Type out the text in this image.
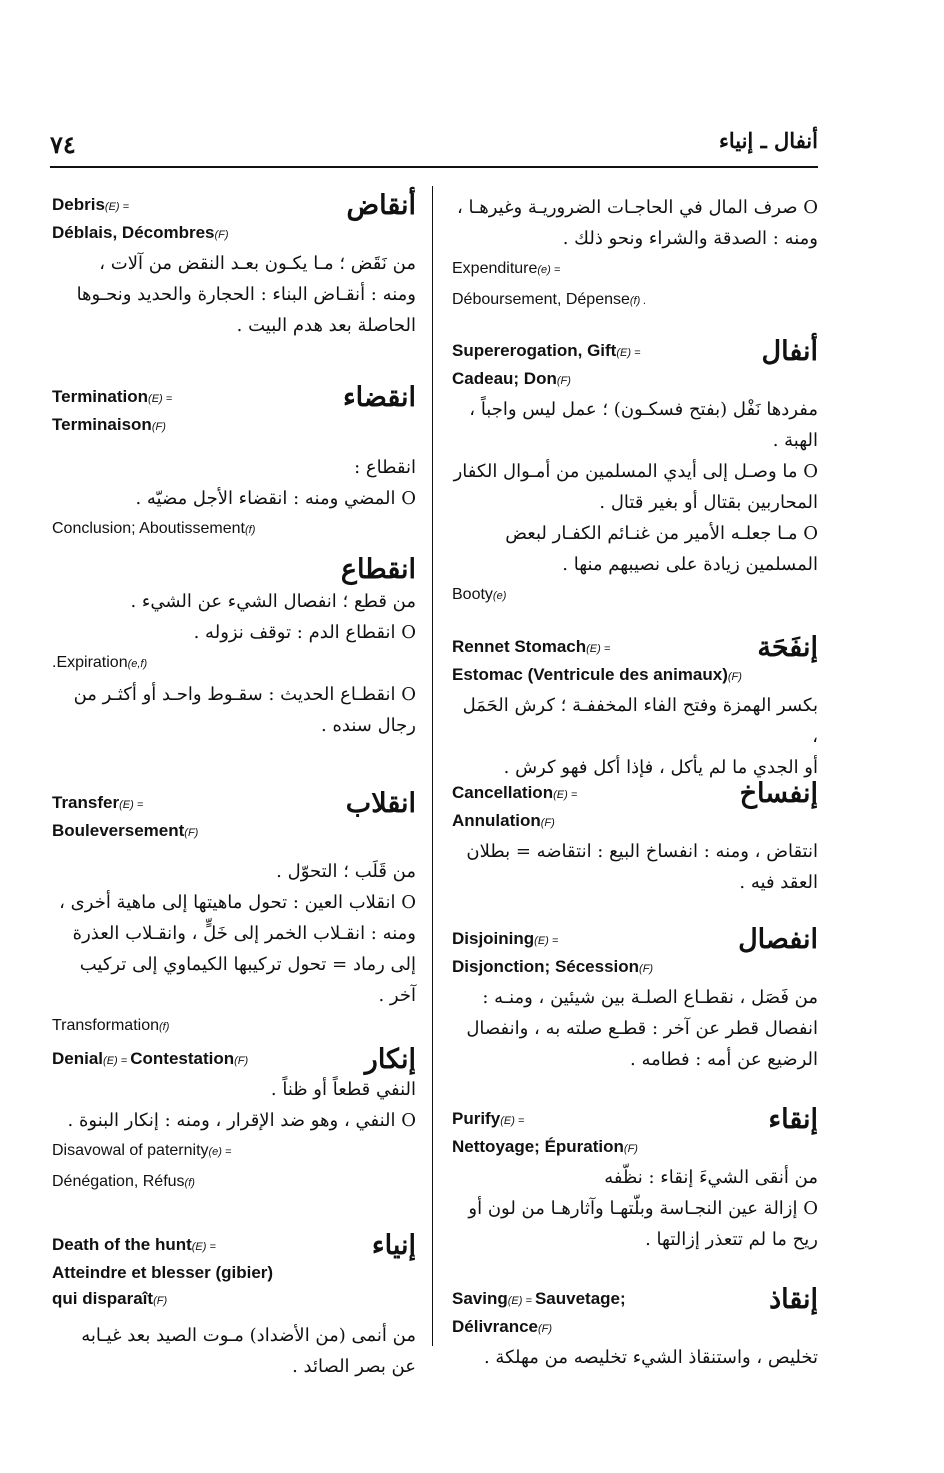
٧٤	أنفال ـ إنياء
أنقاض
Debris(E) =
Déblais, Décombres(F)
من نَقَض ؛ مـا يكـون بعـد النقض من آلات ،
ومنه : أنقـاض البناء : الحجارة والحديد ونحـوها
الحاصلة بعد هدم البيت .
انقضاء
Termination(E) =
Terminaison(F)
انقطاع :
O المضي ومنه : انقضاء الأجل مضيّه .
Conclusion; Aboutissement(f)
انقطاع
من قطع ؛ انفصال الشيء عن الشيء .
O انقطاع الدم : توقف نزوله .
.Expiration(e,f)
O انقطـاع الحديث : سقـوط واحـد أو أكثـر من
رجال سنده .
انقلاب
Transfer(E) =
Bouleversement(F)
من قَلَب ؛ التحوّل .
O انقلاب العين : تحول ماهيتها إلى ماهية أخرى ،
ومنه : انقـلاب الخمر إلى خَلٍّ ، وانقـلاب العذرة
إلى رماد = تحول تركيبها الكيماوي إلى تركيب آخر .
Transformation(f)
إنكار
Denial(E) = Contestation(F)
النفي قطعاً أو ظناً .
O النفي ، وهو ضد الإقرار ، ومنه : إنكار البنوة .
Disavowal of paternity(e) =
Dénégation, Réfus(f)
إنياء
Death of the hunt(E) =
Atteindre et blesser (gibier)
qui disparaît(F)
من أنمى (من الأضداد) مـوت الصيد بعد غيـابه
عن بصر الصائد .
O صرف المال في الحاجـات الضروريـة وغيرهـا ،
ومنه : الصدقة والشراء ونحو ذلك .
Expenditure(e) =
Déboursement, Dépense(f) .
أنفال
Supererogation, Gift(E) =
Cadeau; Don(F)
مفردها نَفْل (بفتح فسكـون) ؛ عمل ليس واجباً ،
الهبة .
O ما وصـل إلى أيدي المسلمين من أمـوال الكفار
المحاربين بقتال أو بغير قتال .
O مـا جعلـه الأمير من غنـائم الكفـار لبعض
المسلمين زيادة على نصيبهم منها .
Booty(e)
إنفَحَة
Rennet Stomach(E) =
Estomac (Ventricule des animaux)(F)
بكسر الهمزة وفتح الفاء المخففـة ؛ كرش الحَمَل ،
أو الجدي ما لم يأكل ، فإذا أكل فهو كرش .
إنفساخ
Cancellation(E) =
Annulation(F)
انتقاض ، ومنه : انفساخ البيع : انتقاضه = بطلان
العقد فيه .
انفصال
Disjoining(E) =
Disjonction; Sécession(F)
من فَصَل ، نقطـاع الصلـة بين شيئين ، ومنـه :
انفصال قطر عن آخر : قطـع صلته به ، وانفصال
الرضيع عن أمه : فطامه .
إنقاء
Purify(E) =
Nettoyage; Épuration(F)
من أنقى الشيءَ إنقاء : نظّفه
O إزالة عين النجـاسة وبلّتهـا وآثارهـا من لون أو
ريح ما لم تتعذر إزالتها .
إنقاذ
Saving(E) = Sauvetage;
Délivrance(F)
تخليص ، واستنقاذ الشيء تخليصه من مهلكة .
